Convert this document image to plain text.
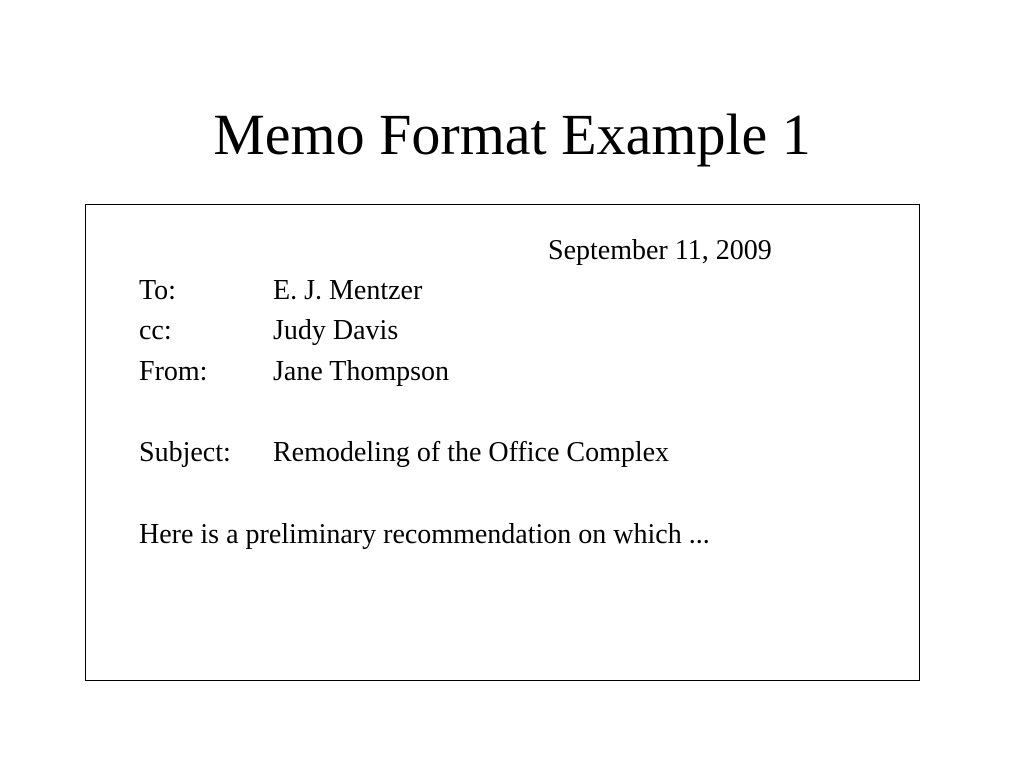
Memo Format Example 1
September 11, 2009
To:	E. J. Mentzer
cc:	Judy Davis
From: Jane Thompson
Subject: Remodeling of the Office Complex
Here is a preliminary recommendation on which ...
